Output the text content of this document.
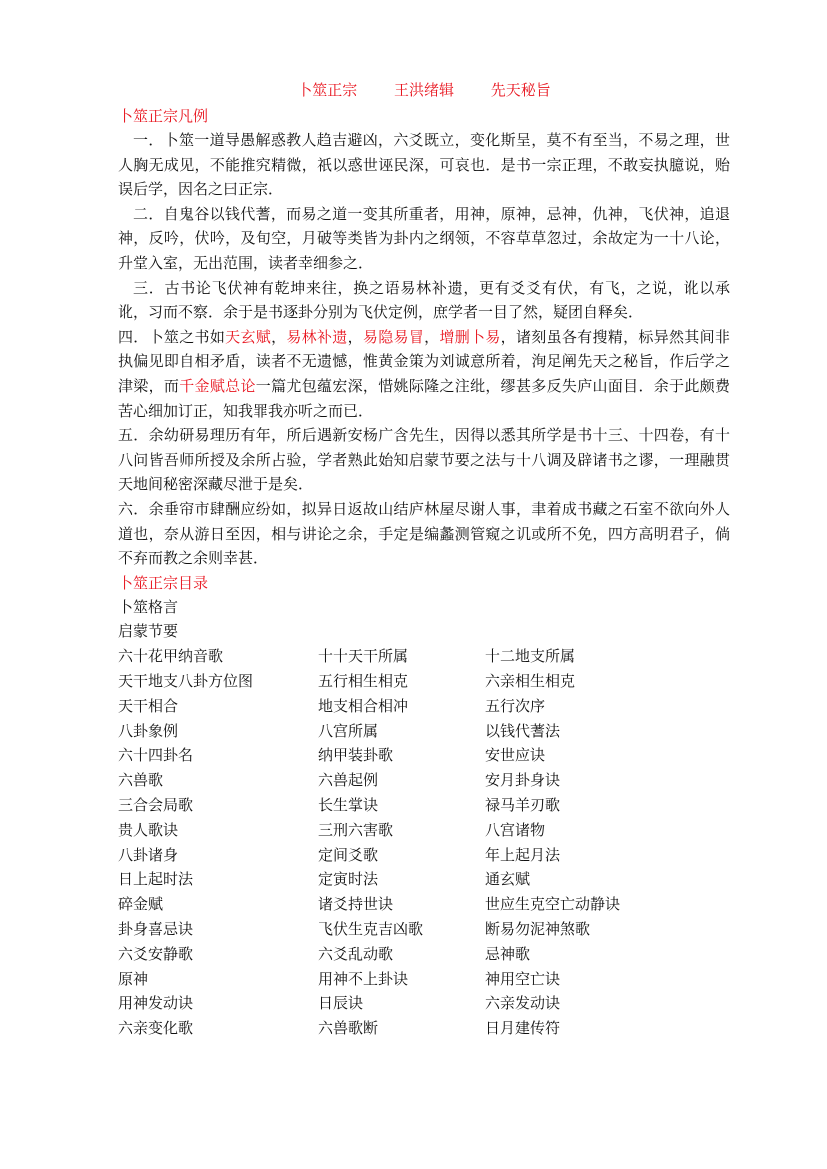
卜筮正宗 王洪绪辑 先天秘旨

卜筮正宗凡例

一．卜筮一道导愚解惑教人趋吉避凶，六爻既立，变化斯呈，莫不有至当，不易之理，世人胸无成见，不能推究精微，祇以惑世诬民深，可哀也．是书一宗正理，不敢妄执臆说，贻误后学，因名之曰正宗．

二．自鬼谷以钱代蓍，而易之道一变其所重者，用神，原神，忌神，仇神，飞伏神，追退神，反吟，伏吟，及旬空，月破等类皆为卦内之纲领，不容草草忽过，余故定为一十八论，升堂入室，无出范围，读者幸细参之．

三．古书论飞伏神有乾坤来往，换之语易林补遗，更有爻爻有伏，有飞，之说，讹以承讹，习而不察．余于是书逐卦分别为飞伏定例，庶学者一目了然，疑团自释矣．

四．卜筮之书如天玄赋，易林补遗，易隐易冒，增删卜易，诸刻虽各有搜精，标异然其间非执偏见即自相矛盾，读者不无遗憾，惟黄金策为刘诚意所着，洵足阐先天之秘旨，作后学之津梁，而千金赋总论一篇尤包蕴宏深，惜姚际隆之注纰，缪甚多反失庐山面目．余于此颇费苦心细加订正，知我罪我亦听之而已．

五．余幼研易理历有年，所后遇新安杨广含先生，因得以悉其所学是书十三、十四卷，有十八问皆吾师所授及余所占验，学者熟此始知启蒙节要之法与十八调及辟诸书之谬，一理融贯天地间秘密深藏尽泄于是矣．

六．余垂帘市肆酬应纷如，拟异日返故山结庐林屋尽谢人事，聿着成书藏之石室不欲向外人道也，奈从游日至因，相与讲论之余，手定是编蠡测管窥之讥或所不免，四方高明君子，倘不弃而教之余则幸甚．

卜筮正宗目录

卜筮格言

启蒙节要

六十花甲纳音歌	十十天干所属	十二地支所属
天干地支八卦方位图	五行相生相克	六亲相生相克
天干相合	地支相合相冲	五行次序
八卦象例	八宫所属	以钱代蓍法
六十四卦名	纳甲装卦歌	安世应诀
六兽歌	六兽起例	安月卦身诀
三合会局歌	长生掌诀	禄马羊刃歌
贵人歌诀	三刑六害歌	八宫诸物
八卦诸身	定间爻歌	年上起月法
日上起时法	定寅时法	通玄赋
碎金赋	诸爻持世诀	世应生克空亡动静诀
卦身喜忌诀	飞伏生克吉凶歌	断易勿泥神煞歌
六爻安静歌	六爻乱动歌	忌神歌
原神	用神不上卦诀	神用空亡诀
用神发动诀	日辰诀	六亲发动诀
六亲变化歌	六兽歌断	日月建传符
